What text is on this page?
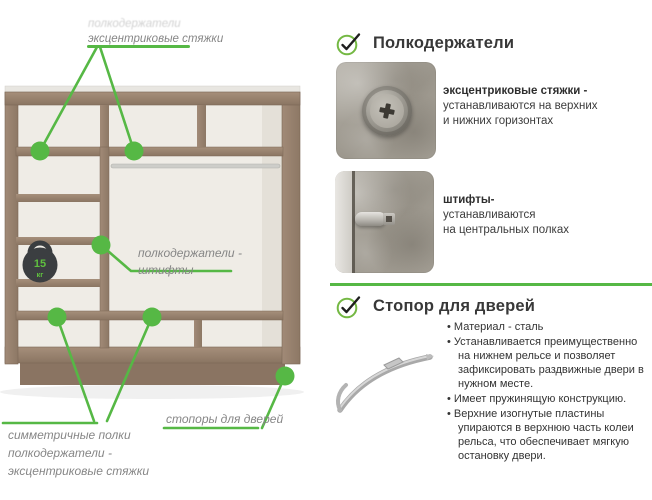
15
кг
полкодержатели
эксцентриковые стяжки
полкодержатели -
штифты
симметричные полки
полкодержатели -
эксцентриковые стяжки
стопоры для дверей
Полкодержатели
эксцентриковые стяжки -
устанавливаются на верхних
и нижних горизонтах
штифты-
устанавливаются
на центральных полках
Стопор для дверей
• Материал - сталь
• Устанавливается преимущественно на нижнем рельсе и позволяет зафиксировать раздвижные двери в нужном месте.
• Имеет пружинящую конструкцию.
• Верхние изогнутые пластины упираются в верхнюю часть колеи рельса, что обеспечивает мягкую остановку двери.
